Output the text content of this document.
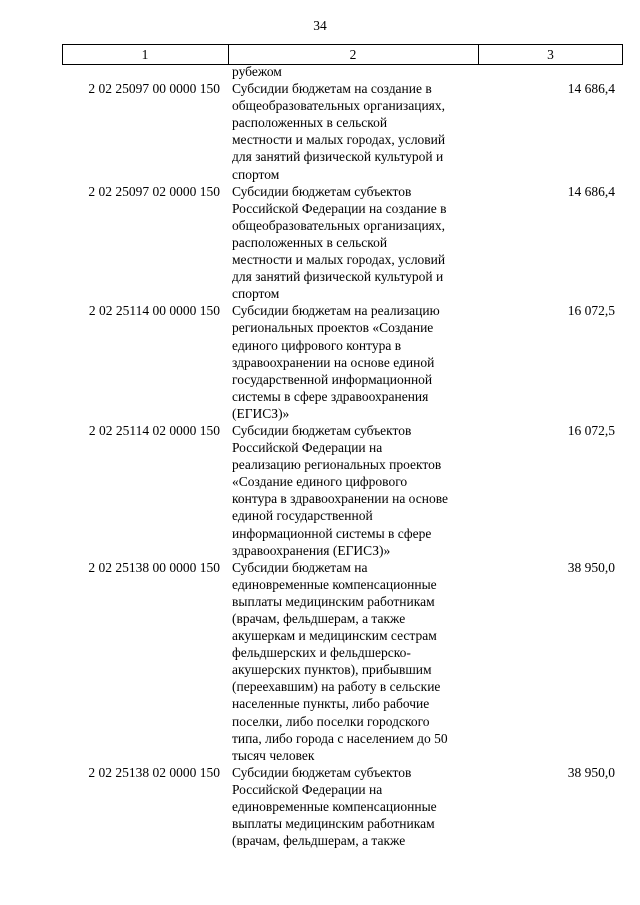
34
1	2	3
рубежом
2 02 25097 00 0000 150 Субсидии бюджетам на создание в
общеобразовательных организациях,
расположенных в сельской
местности и малых городах, условий
для занятий физической культурой и
спортом
14 686,4
2 02 25097 02 0000 150 Субсидии бюджетам субъектов
Российской Федерации на создание в
общеобразовательных организациях,
расположенных в сельской
местности и малых городах, условий
для занятий физической культурой и
спортом
14 686,4
2 02 25114 00 0000 150 Субсидии бюджетам на реализацию
региональных проектов «Создание
единого цифрового контура в
здравоохранении на основе единой
государственной информационной
системы в сфере здравоохранения
(ЕГИСЗ)»
16 072,5
2 02 25114 02 0000 150 Субсидии бюджетам субъектов
Российской Федерации на
реализацию региональных проектов
«Создание единого цифрового
контура в здравоохранении на основе
единой государственной
информационной системы в сфере
здравоохранения (ЕГИСЗ)»
16 072,5
2 02 25138 00 0000 150 Субсидии бюджетам на
единовременные компенсационные
выплаты медицинским работникам
(врачам, фельдшерам, а также
акушеркам и медицинским сестрам
фельдшерских и фельдшерско-
акушерских пунктов), прибывшим
(переехавшим) на работу в сельские
населенные пункты, либо рабочие
поселки, либо поселки городского
типа, либо города с населением до 50
тысяч человек
38 950,0
2 02 25138 02 0000 150 Субсидии бюджетам субъектов
Российской Федерации на
единовременные компенсационные
выплаты медицинским работникам
(врачам, фельдшерам, а также
38 950,0
